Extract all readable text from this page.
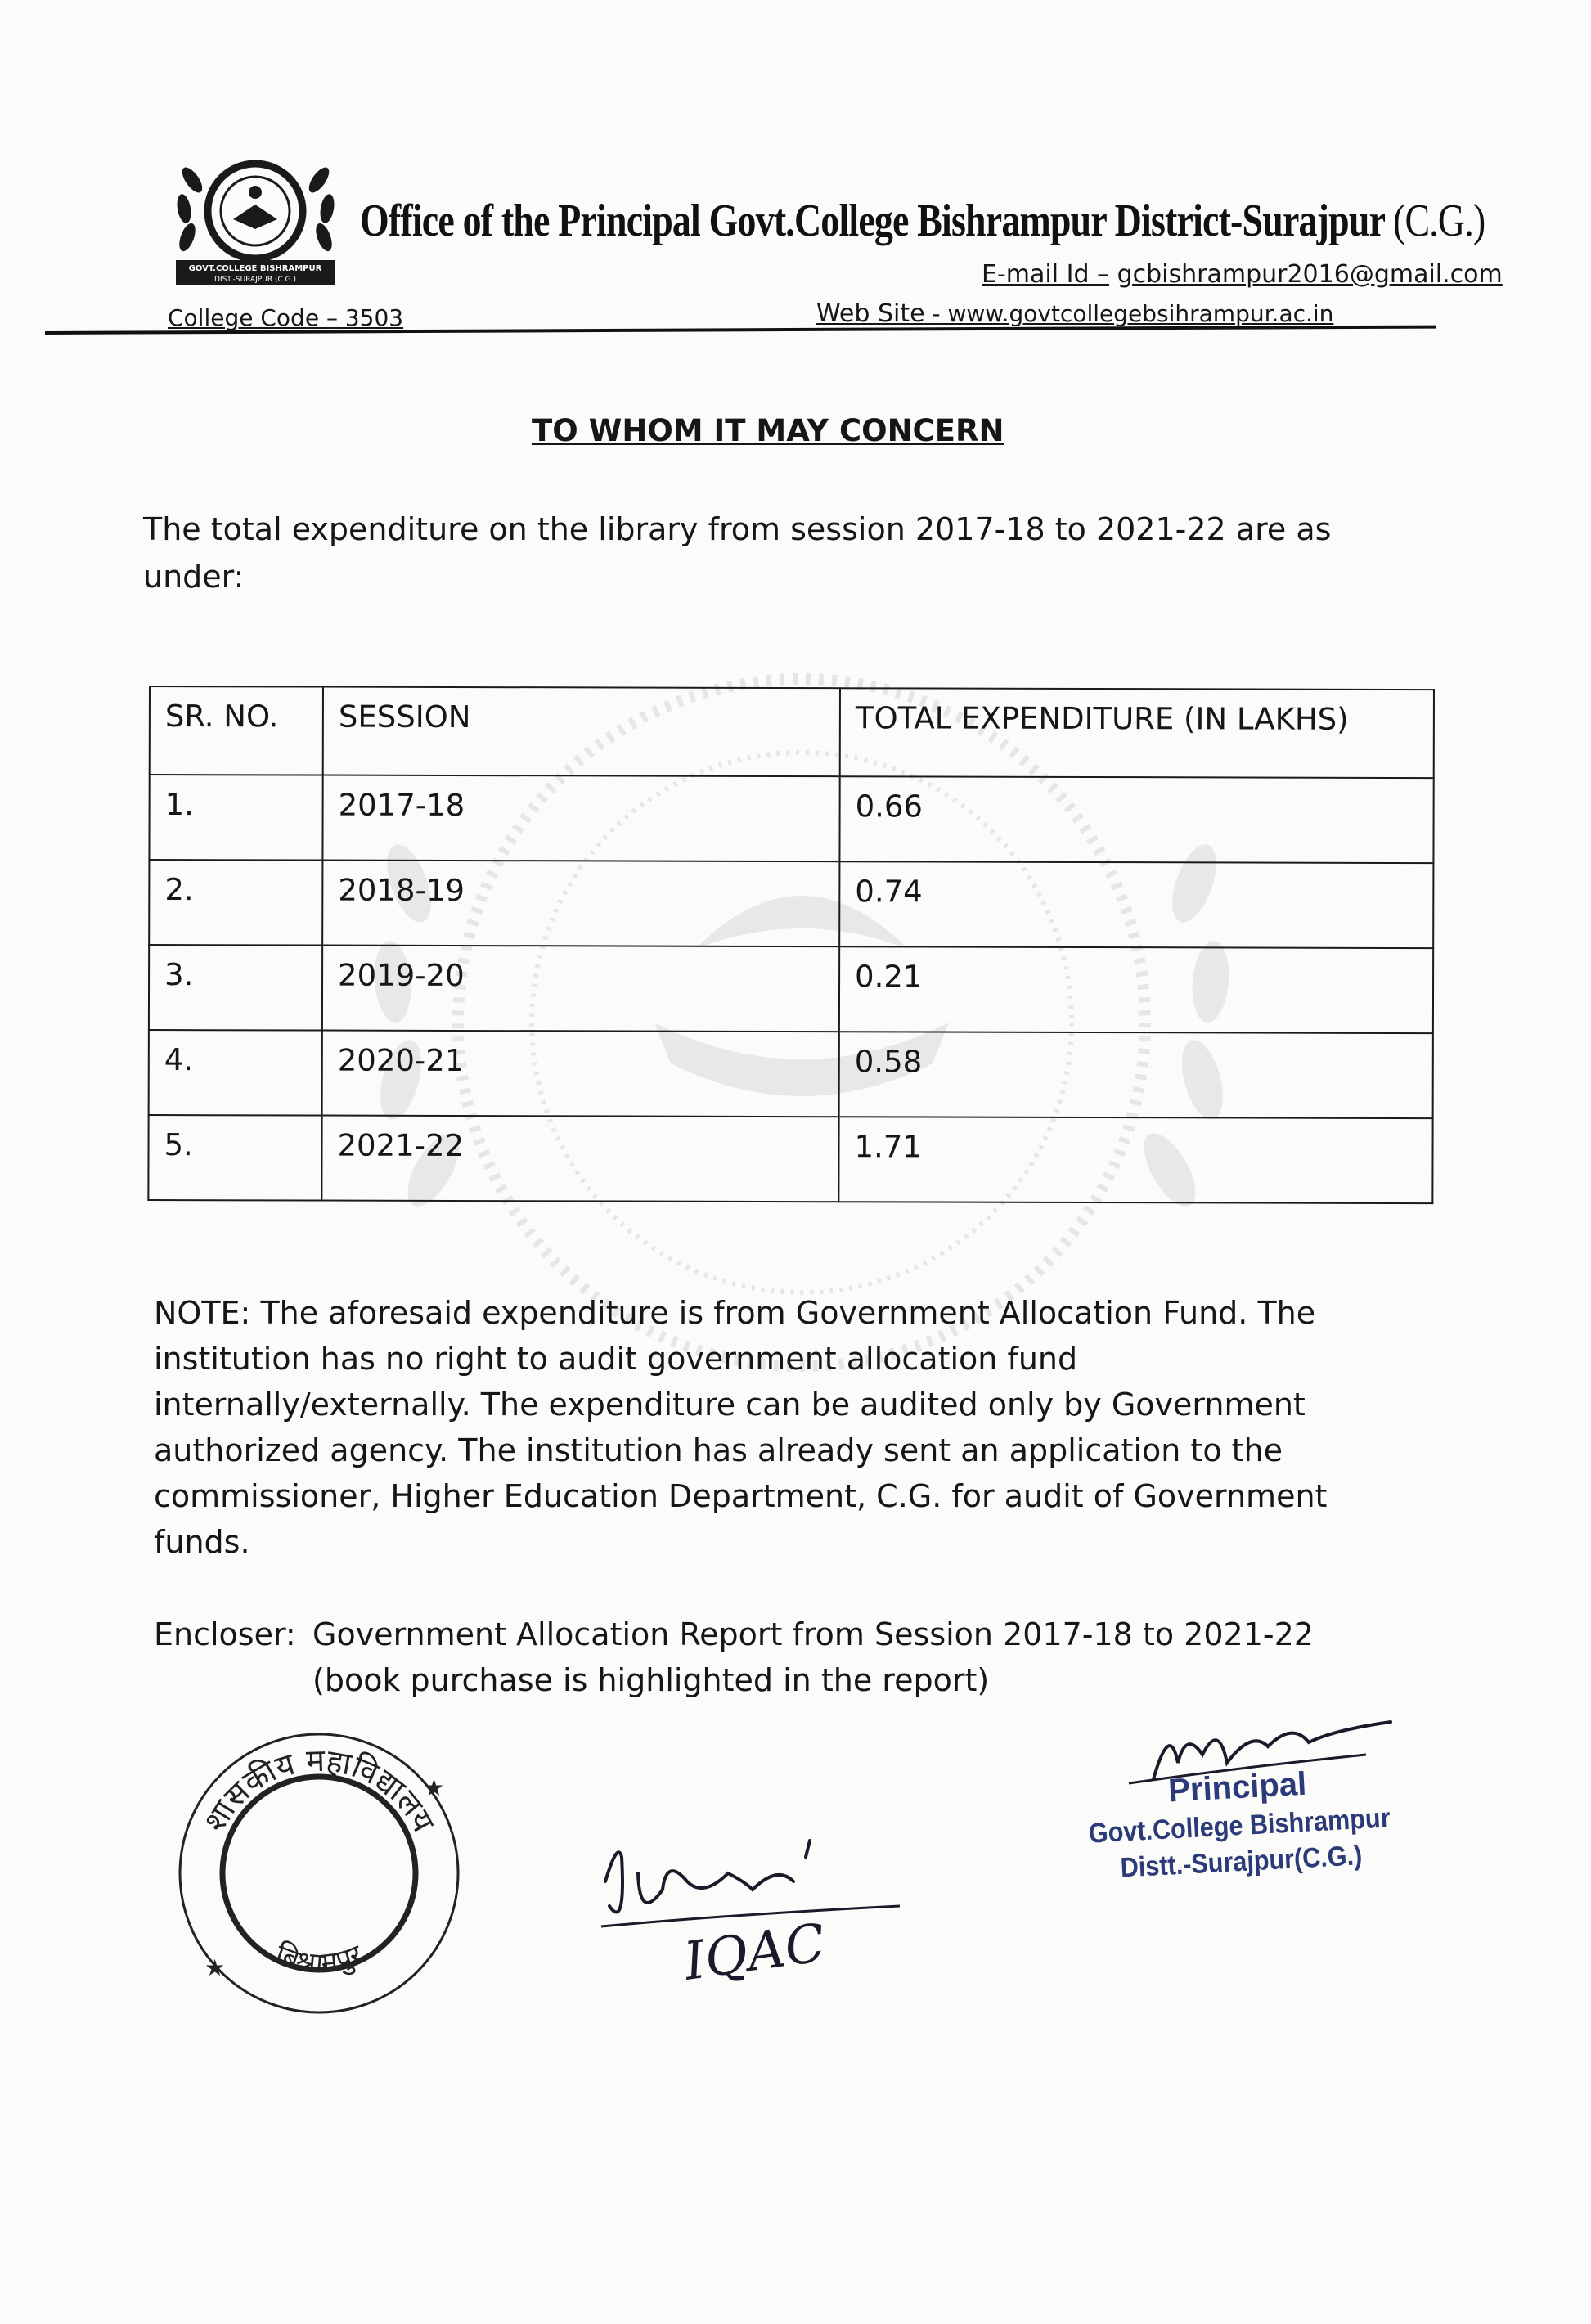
GOVT.COLLEGE BISHRAMPUR
DIST.-SURAJPUR (C.G.)
Office of the Principal Govt.College Bishrampur District-Surajpur (C.G.)
E-mail Id – gcbishrampur2016@gmail.com
College Code – 3503	Web Site - www.govtcollegebsihrampur.ac.in
TO WHOM IT MAY CONCERN
The total expenditure on the library from session 2017-18 to 2021-22 are as under:
SR. NO.	SESSION	TOTAL EXPENDITURE (IN LAKHS)
1.	2017-18	0.66
2.	2018-19	0.74
3.	2019-20	0.21
4.	2020-21	0.58
5.	2021-22	1.71
NOTE: The aforesaid expenditure is from Government Allocation Fund. The institution has no right to audit government allocation fund internally/externally. The expenditure can be audited only by Government authorized agency. The institution has already sent an application to the commissioner, Higher Education Department, C.G. for audit of Government funds.
Encloser: Government Allocation Report from Session 2017-18 to 2021-22
(book purchase is highlighted in the report)
शासकीय महाविद्यालय
बिश्रामपुर
★
★	IQAC
Principal
Govt.College Bishrampur
Distt.-Surajpur(C.G.)
